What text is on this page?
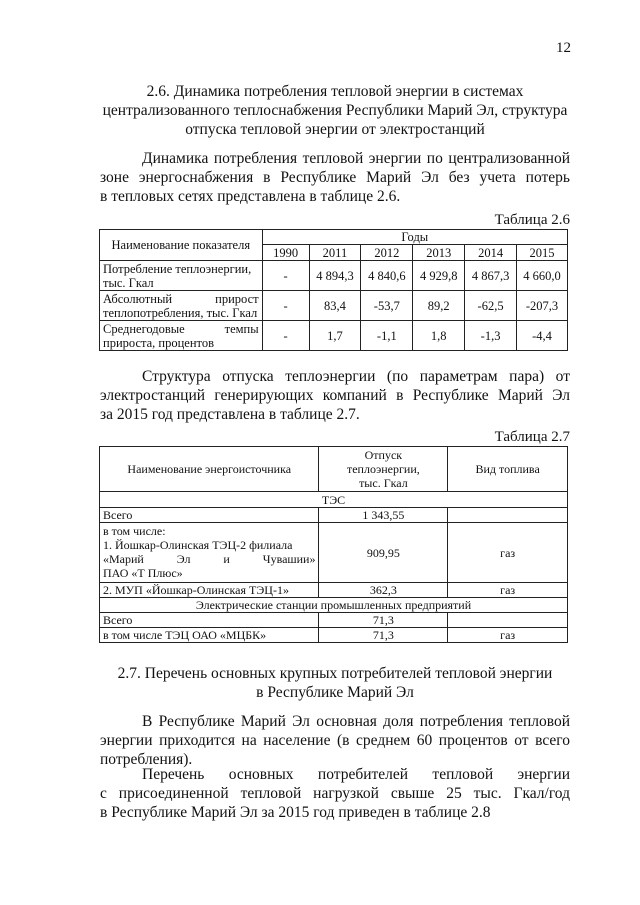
12
2.6. Динамика потребления тепловой энергии в системах
централизованного теплоснабжения Республики Марий Эл, структура
отпуска тепловой энергии от электростанций
Динамика потребления тепловой энергии по централизованной
зоне энергоснабжения в Республике Марий Эл без учета потерь
в тепловых сетях представлена в таблице 2.6.
Таблица 2.6
Наименование показателя	Годы					
	1990	2011	2012	2013	2014	2015

Потребление теплоэнергии,
тыс. Гкал	-	4 894,3	4 840,6	4 929,8	4 867,3	4 660,0

Абсолютный прирост
теплопотребления, тыс. Гкал	-	83,4	-53,7	89,2	-62,5	-207,3

Среднегодовые темпы
прироста, процентов	-	1,7	-1,1	1,8	-1,3	-4,4
Структура отпуска теплоэнергии (по параметрам пара) от
электростанций генерирующих компаний в Республике Марий Эл
за 2015 год представлена в таблице 2.7.
Таблица 2.7
Наименование энергоисточника	Отпуск
теплоэнергии,
тыс. Гкал	Вид топлива
ТЭС		
Всего	1 343,55	

в том числе:
1. Йошкар-Олинская ТЭЦ-2 филиала
«Марий Эл и Чувашии»
ПАО «Т Плюс»	909,95	газ
2. МУП «Йошкар-Олинская ТЭЦ-1»	362,3	газ
Электрические станции промышленных предприятий		
Всего	71,3	
в том числе ТЭЦ ОАО «МЦБК»	71,3	газ
2.7. Перечень основных крупных потребителей тепловой энергии
в Республике Марий Эл
В Республике Марий Эл основная доля потребления тепловой
энергии приходится на население (в среднем 60 процентов от всего
потребления).
Перечень основных потребителей тепловой энергии
с присоединенной тепловой нагрузкой свыше 25 тыс. Гкал/год
в Республике Марий Эл за 2015 год приведен в таблице 2.8
